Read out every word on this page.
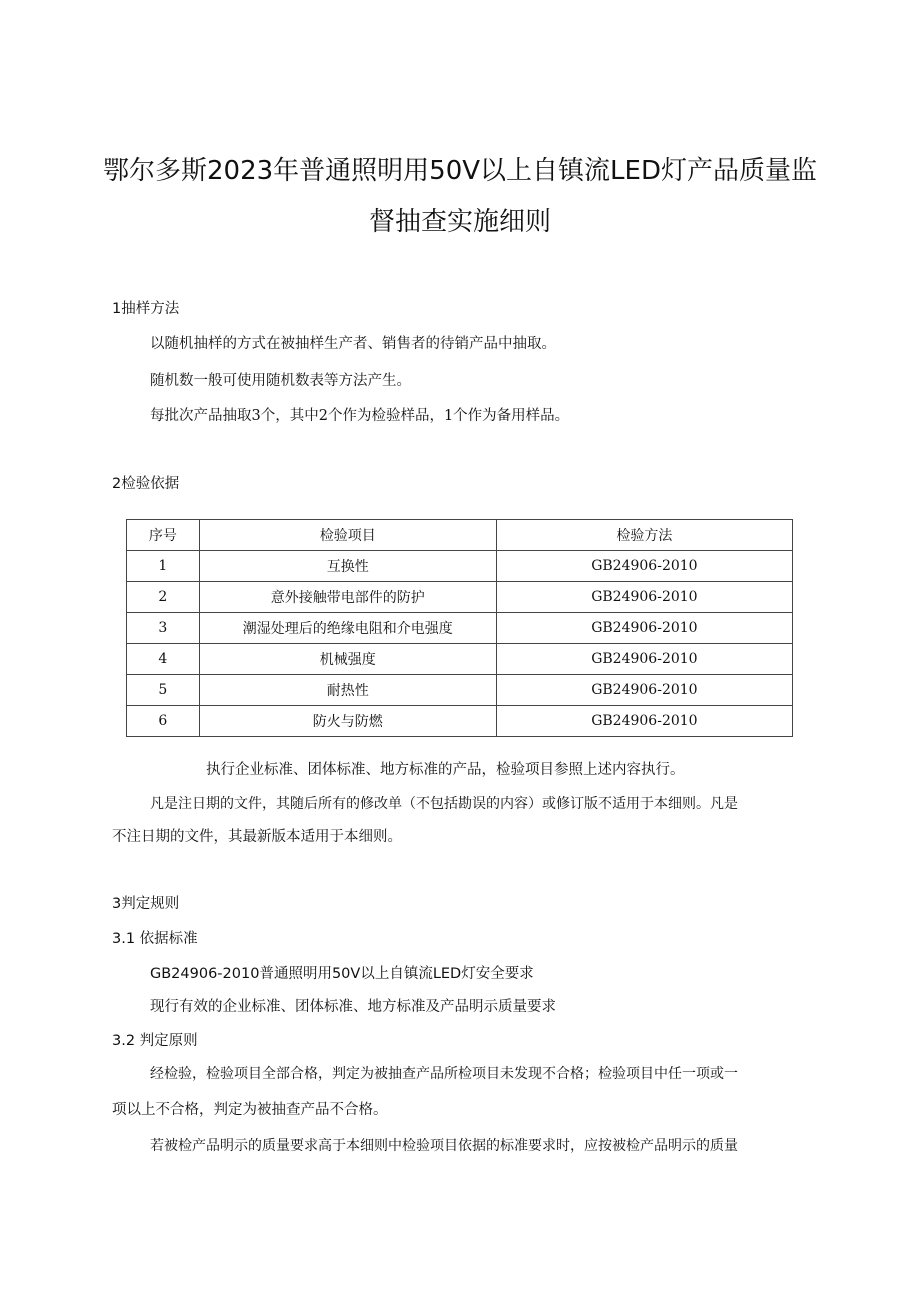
鄂尔多斯2023年普通照明用50V以上自镇流LED灯产品质量监
督抽查实施细则
1抽样方法
以随机抽样的方式在被抽样生产者、销售者的待销产品中抽取。
随机数一般可使用随机数表等方法产生。
每批次产品抽取3个，其中2个作为检验样品，1个作为备用样品。
2检验依据
序号	检验项目	检验方法
1	互换性	GB24906-2010
2	意外接触带电部件的防护	GB24906-2010
3	潮湿处理后的绝缘电阻和介电强度	GB24906-2010
4	机械强度	GB24906-2010
5	耐热性	GB24906-2010
6	防火与防燃	GB24906-2010
执行企业标准、团体标准、地方标准的产品，检验项目参照上述内容执行。
凡是注日期的文件，其随后所有的修改单（不包括勘误的内容）或修订版不适用于本细则。凡是
不注日期的文件，其最新版本适用于本细则。
3判定规则
3.1 依据标准
GB24906-2010普通照明用50V以上自镇流LED灯安全要求
现行有效的企业标准、团体标准、地方标准及产品明示质量要求
3.2 判定原则
经检验，检验项目全部合格，判定为被抽查产品所检项目未发现不合格；检验项目中任一项或一
项以上不合格，判定为被抽查产品不合格。
若被检产品明示的质量要求高于本细则中检验项目依据的标准要求时，应按被检产品明示的质量
